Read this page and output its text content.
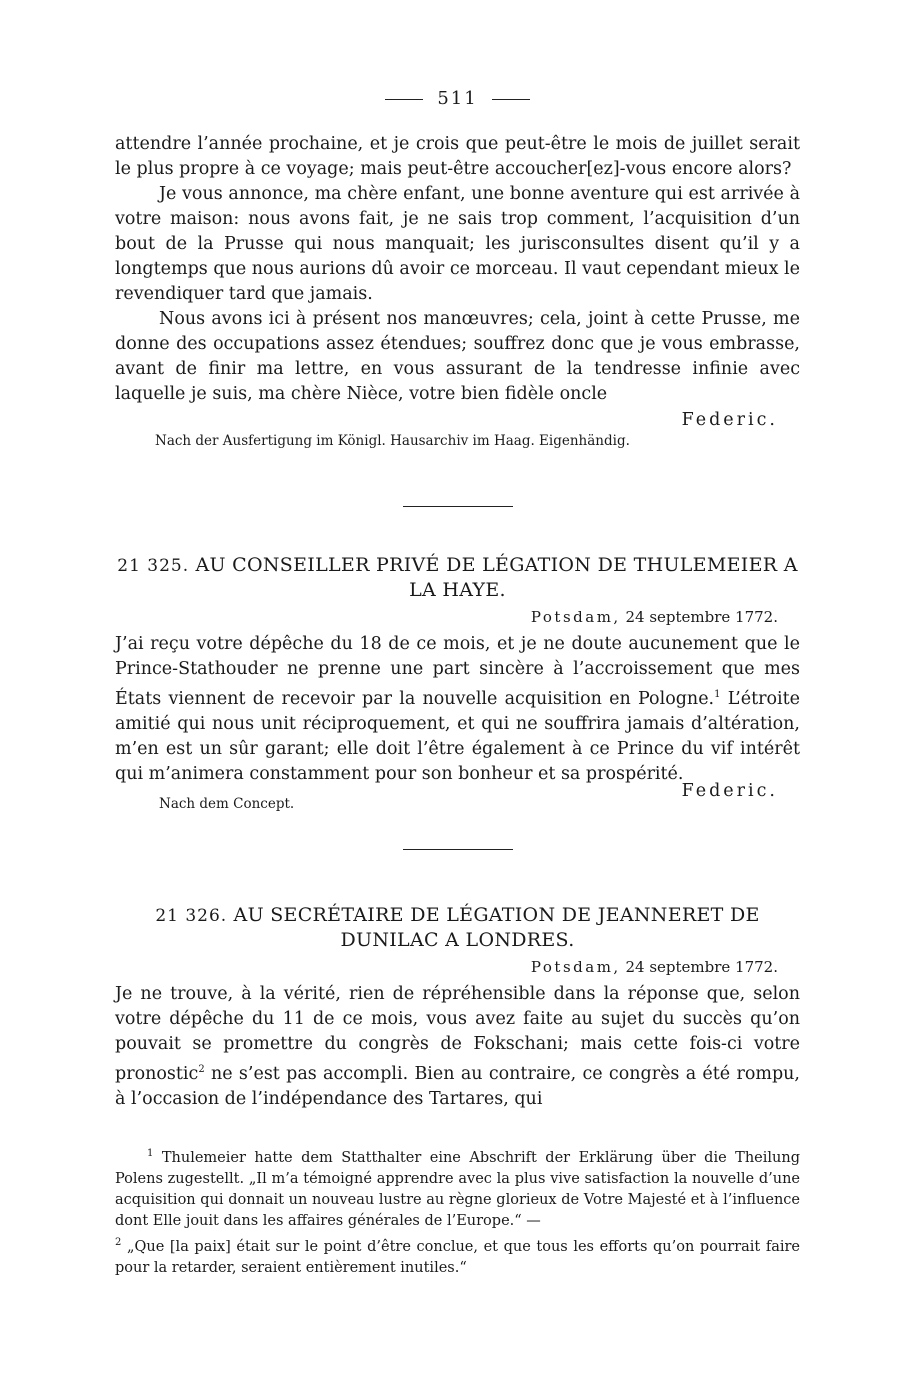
511

attendre l’année prochaine, et je crois que peut-être le mois de juillet serait le plus propre à ce voyage; mais peut-être accoucher[ez]-vous encore alors?

Je vous annonce, ma chère enfant, une bonne aventure qui est arrivée à votre maison: nous avons fait, je ne sais trop comment, l’acquisition d’un bout de la Prusse qui nous manquait; les jurisconsultes disent qu’il y a longtemps que nous aurions dû avoir ce morceau. Il vaut cependant mieux le revendiquer tard que jamais.

Nous avons ici à présent nos manœuvres; cela, joint à cette Prusse, me donne des occupations assez étendues; souffrez donc que je vous embrasse, avant de finir ma lettre, en vous assurant de la tendresse infinie avec laquelle je suis, ma chère Nièce, votre bien fidèle oncle

Federic.

Nach der Ausfertigung im Königl. Hausarchiv im Haag. Eigenhändig.

21 325. AU CONSEILLER PRIVÉ DE LÉGATION DE THULEMEIER A LA HAYE.

Potsdam, 24 septembre 1772.

J’ai reçu votre dépêche du 18 de ce mois, et je ne doute aucunement que le Prince-Stathouder ne prenne une part sincère à l’accroissement que mes États viennent de recevoir par la nouvelle acquisition en Pologne.$^1$ L’étroite amitié qui nous unit réciproquement, et qui ne souffrira jamais d’altération, m’en est un sûr garant; elle doit l’être également à ce Prince du vif intérêt qui m’animera constamment pour son bonheur et sa prospérité.

Federic.

Nach dem Concept.

21 326. AU SECRÉTAIRE DE LÉGATION DE JEANNERET DE DUNILAC A LONDRES.

Potsdam, 24 septembre 1772.

Je ne trouve, à la vérité, rien de répréhensible dans la réponse que, selon votre dépêche du 11 de ce mois, vous avez faite au sujet du succès qu’on pouvait se promettre du congrès de Fokschani; mais cette fois-ci votre pronostic$^2$ ne s’est pas accompli. Bien au contraire, ce congrès a été rompu, à l’occasion de l’indépendance des Tartares, qui

$^1$ Thulemeier hatte dem Statthalter eine Abschrift der Erklärung über die Theilung Polens zugestellt. „Il m’a témoigné apprendre avec la plus vive satisfaction la nouvelle d’une acquisition qui donnait un nouveau lustre au règne glorieux de Votre Majesté et à l’influence dont Elle jouit dans les affaires générales de l’Europe.“ —

$^2$ „Que [la paix] était sur le point d’être conclue, et que tous les efforts qu’on pourrait faire pour la retarder, seraient entièrement inutiles.“
